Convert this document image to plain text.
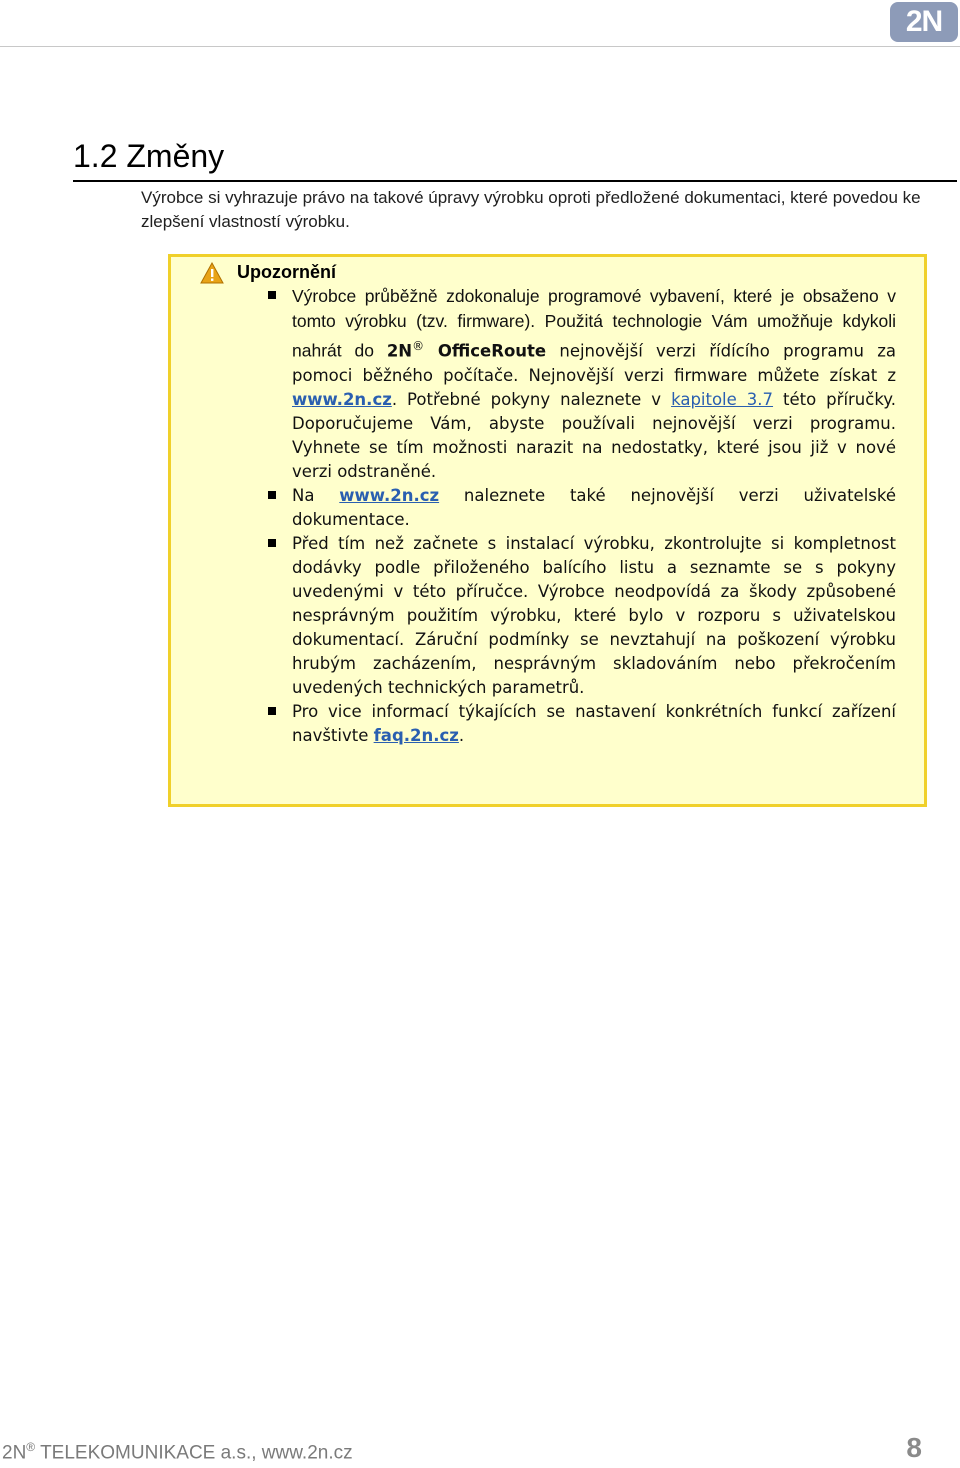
2N
1.2 Změny
Výrobce si vyhrazuje právo na takové úpravy výrobku oproti předložené dokumentaci, které povedou ke zlepšení vlastností výrobku.
Upozornění
Výrobce průběžně zdokonaluje programové vybavení, které je obsaženo v tomto výrobku (tzv. firmware). Použitá technologie Vám umožňuje kdykoli nahrát do 2N® OfficeRoute nejnovější verzi řídícího programu za pomoci běžného počítače. Nejnovější verzi firmware můžete získat z www.2n.cz. Potřebné pokyny naleznete v kapitole 3.7 této příručky. Doporučujeme Vám, abyste používali nejnovější verzi programu. Vyhnete se tím možnosti narazit na nedostatky, které jsou již v nové verzi odstraněné.
Na www.2n.cz naleznete také nejnovější verzi uživatelské dokumentace.
Před tím než začnete s instalací výrobku, zkontrolujte si kompletnost dodávky podle přiloženého balícího listu a seznamte se s pokyny uvedenými v této příručce. Výrobce neodpovídá za škody způsobené nesprávným použitím výrobku, které bylo v rozporu s uživatelskou dokumentací. Záruční podmínky se nevztahují na poškození výrobku hrubým zacházením, nesprávným skladováním nebo překročením uvedených technických parametrů.
Pro vice informací týkajících se nastavení konkrétních funkcí zařízení navštivte faq.2n.cz.
2N® TELEKOMUNIKACE a.s., www.2n.cz	8
